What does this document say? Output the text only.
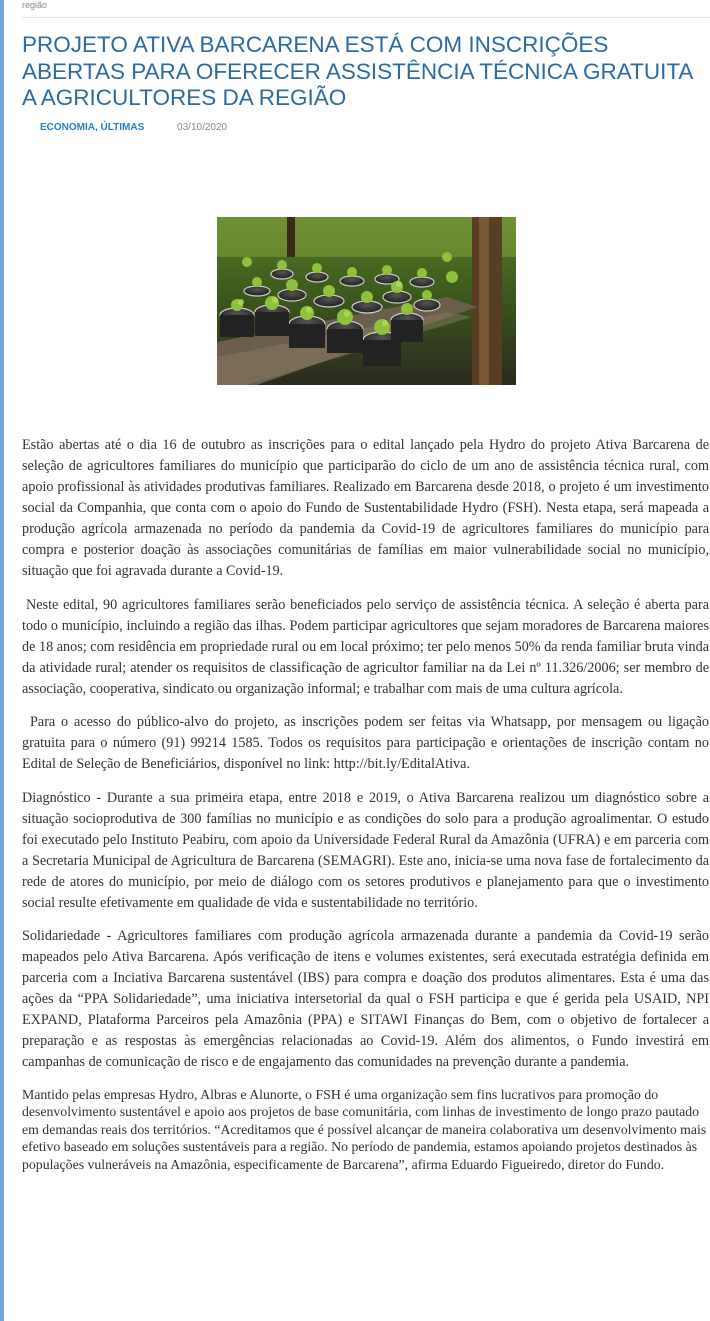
região
PROJETO ATIVA BARCARENA ESTÁ COM INSCRIÇÕES ABERTAS PARA OFERECER ASSISTÊNCIA TÉCNICA GRATUITA A AGRICULTORES DA REGIÃO
ECONOMIA, ÚLTIMAS	03/10/2020

Estão abertas até o dia 16 de outubro as inscrições para o edital lançado pela Hydro do projeto Ativa Barcarena de seleção de agricultores familiares do município que participarão do ciclo de um ano de assistência técnica rural, com apoio profissional às atividades produtivas familiares. Realizado em Barcarena desde 2018, o projeto é um investimento social da Companhia, que conta com o apoio do Fundo de Sustentabilidade Hydro (FSH). Nesta etapa, será mapeada a produção agrícola armazenada no período da pandemia da Covid-19 de agricultores familiares do município para compra e posterior doação às associações comunitárias de famílias em maior vulnerabilidade social no município, situação que foi agravada durante a Covid-19.

Neste edital, 90 agricultores familiares serão beneficiados pelo serviço de assistência técnica. A seleção é aberta para todo o município, incluindo a região das ilhas. Podem participar agricultores que sejam moradores de Barcarena maiores de 18 anos; com residência em propriedade rural ou em local próximo; ter pelo menos 50% da renda familiar bruta vinda da atividade rural; atender os requisitos de classificação de agricultor familiar na da Lei nº 11.326/2006; ser membro de associação, cooperativa, sindicato ou organização informal; e trabalhar com mais de uma cultura agrícola.

Para o acesso do público-alvo do projeto, as inscrições podem ser feitas via Whatsapp, por mensagem ou ligação gratuita para o número (91) 99214 1585. Todos os requisitos para participação e orientações de inscrição contam no Edital de Seleção de Beneficiários, disponível no link: http://bit.ly/EditalAtiva.

Diagnóstico - Durante a sua primeira etapa, entre 2018 e 2019, o Ativa Barcarena realizou um diagnóstico sobre a situação socioprodutiva de 300 famílias no município e as condições do solo para a produção agroalimentar. O estudo foi executado pelo Instituto Peabiru, com apoio da Universidade Federal Rural da Amazônia (UFRA) e em parceria com a Secretaria Municipal de Agricultura de Barcarena (SEMAGRI). Este ano, inicia-se uma nova fase de fortalecimento da rede de atores do município, por meio de diálogo com os setores produtivos e planejamento para que o investimento social resulte efetivamente em qualidade de vida e sustentabilidade no território.

Solidariedade - Agricultores familiares com produção agrícola armazenada durante a pandemia da Covid-19 serão mapeados pelo Ativa Barcarena. Após verificação de itens e volumes existentes, será executada estratégia definida em parceria com a Inciativa Barcarena sustentável (IBS) para compra e doação dos produtos alimentares. Esta é uma das ações da “PPA Solidariedade”, uma iniciativa intersetorial da qual o FSH participa e que é gerida pela USAID, NPI EXPAND, Plataforma Parceiros pela Amazônia (PPA) e SITAWI Finanças do Bem, com o objetivo de fortalecer a preparação e as respostas às emergências relacionadas ao Covid-19. Além dos alimentos, o Fundo investirá em campanhas de comunicação de risco e de engajamento das comunidades na prevenção durante a pandemia.

Mantido pelas empresas Hydro, Albras e Alunorte, o FSH é uma organização sem fins lucrativos para promoção do desenvolvimento sustentável e apoio aos projetos de base comunitária, com linhas de investimento de longo prazo pautado em demandas reais dos territórios. “Acreditamos que é possível alcançar de maneira colaborativa um desenvolvimento mais efetivo baseado em soluções sustentáveis para a região. No período de pandemia, estamos apoiando projetos destinados às populações vulneráveis na Amazônia, especificamente de Barcarena”, afirma Eduardo Figueiredo, diretor do Fundo.
